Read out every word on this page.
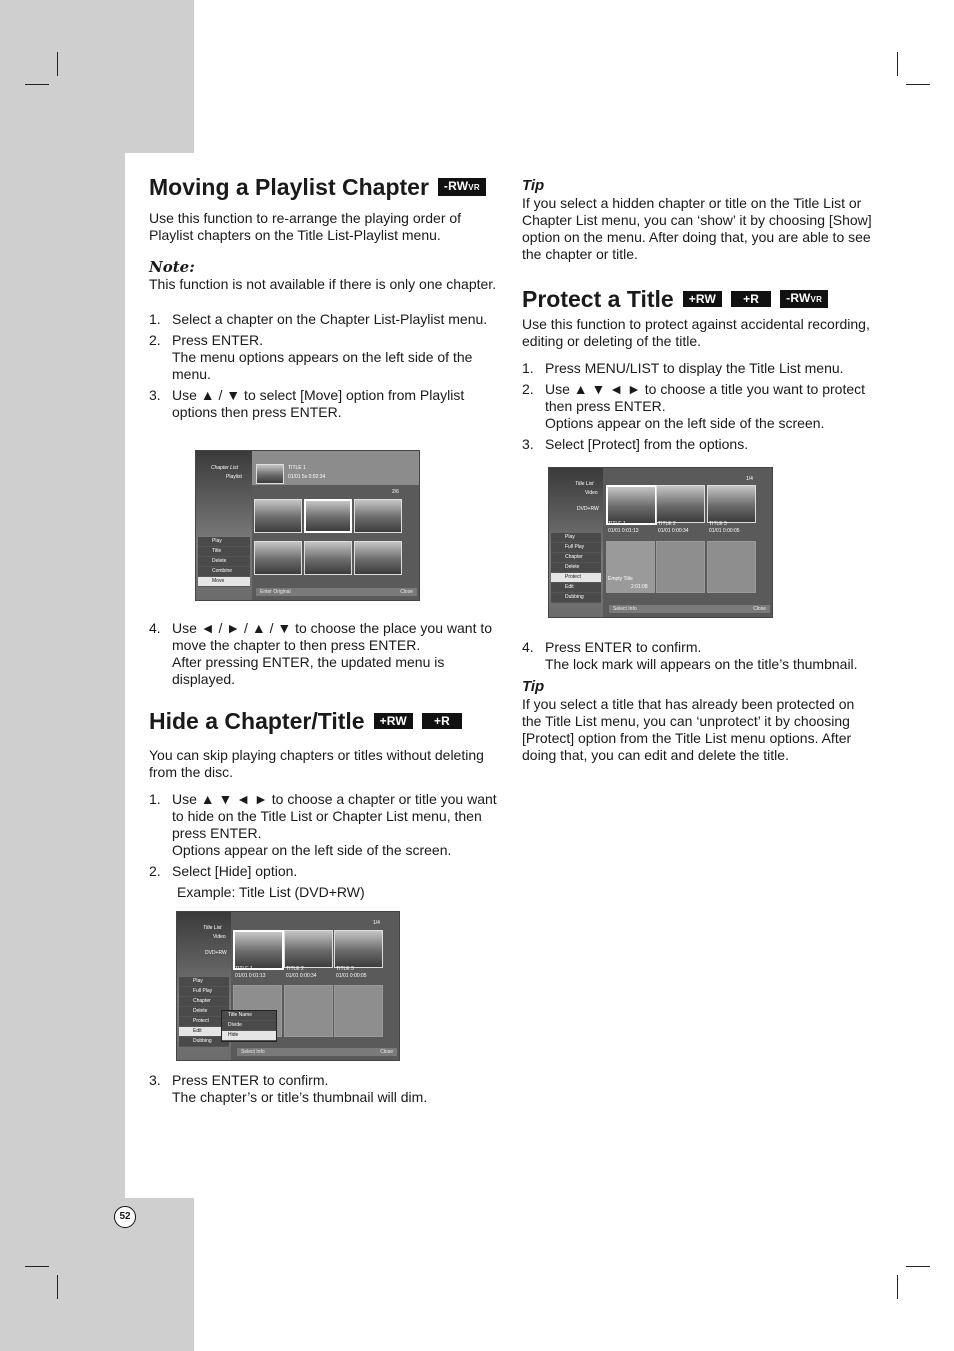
Moving a Playlist Chapter	-RWVR

Use this function to re-arrange the playing order of Playlist chapters on the Title List-Playlist menu.

Note:

This function is not available if there is only one chapter.

1. Select a chapter on the Chapter List-Playlist menu.
2. Press ENTER.
The menu options appears on the left side of the menu.
3. Use ▲ / ▼ to select [Move] option from Playlist options then press ENTER.
Chapter List
Playlist
TITLE 1
01/01 5s 0:02:34
2/6
Play
Title
Delete
Combine
Move
Enter Original	Close
4. Use ◄ / ► / ▲ / ▼ to choose the place you want to move the chapter to then press ENTER.
After pressing ENTER, the updated menu is displayed.
Hide a Chapter/Title	+RW	+R

You can skip playing chapters or titles without deleting from the disc.

1. Use ▲ ▼ ◄ ► to choose a chapter or title you want to hide on the Title List or Chapter List menu, then press ENTER.
Options appear on the left side of the screen.
2. Select [Hide] option.

Example: Title List (DVD+RW)

Title List
Video
DVD+RW
1/4
TITLE 1
01/01 0:01:13
TITLE 2
01/01 0:00:34
TITLE 3
01/01 0:00:05
Play
Full Play
Chapter
Delete
Protect
Edit
Dubbing
Title Name
Divide
Hide
Select Info	Close
3. Press ENTER to confirm.
The chapter’s or title’s thumbnail will dim.

Tip

If you select a hidden chapter or title on the Title List or Chapter List menu, you can ‘show’ it by choosing [Show] option on the menu. After doing that, you are able to see the chapter or title.

Protect a Title	+RW	+R	-RWVR

Use this function to protect against accidental recording, editing or deleting of the title.

1. Press MENU/LIST to display the Title List menu.
2. Use ▲ ▼ ◄ ► to choose a title you want to protect then press ENTER.
Options appear on the left side of the screen.
3. Select [Protect] from the options.
Title List
Video
DVD+RW
1/4
TITLE 1
01/01 0:01:13
TITLE 2
01/01 0:00:34
TITLE 3
01/01 0:00:05
Empty Title
2:01:08
Play
Full Play
Chapter
Delete
Protect
Edit
Dubbing
Select Info	Close
4. Press ENTER to confirm.
The lock mark will appears on the title’s thumbnail.

Tip

If you select a title that has already been protected on the Title List menu, you can ‘unprotect’ it by choosing [Protect] option from the Title List menu options. After doing that, you can edit and delete the title.

52
